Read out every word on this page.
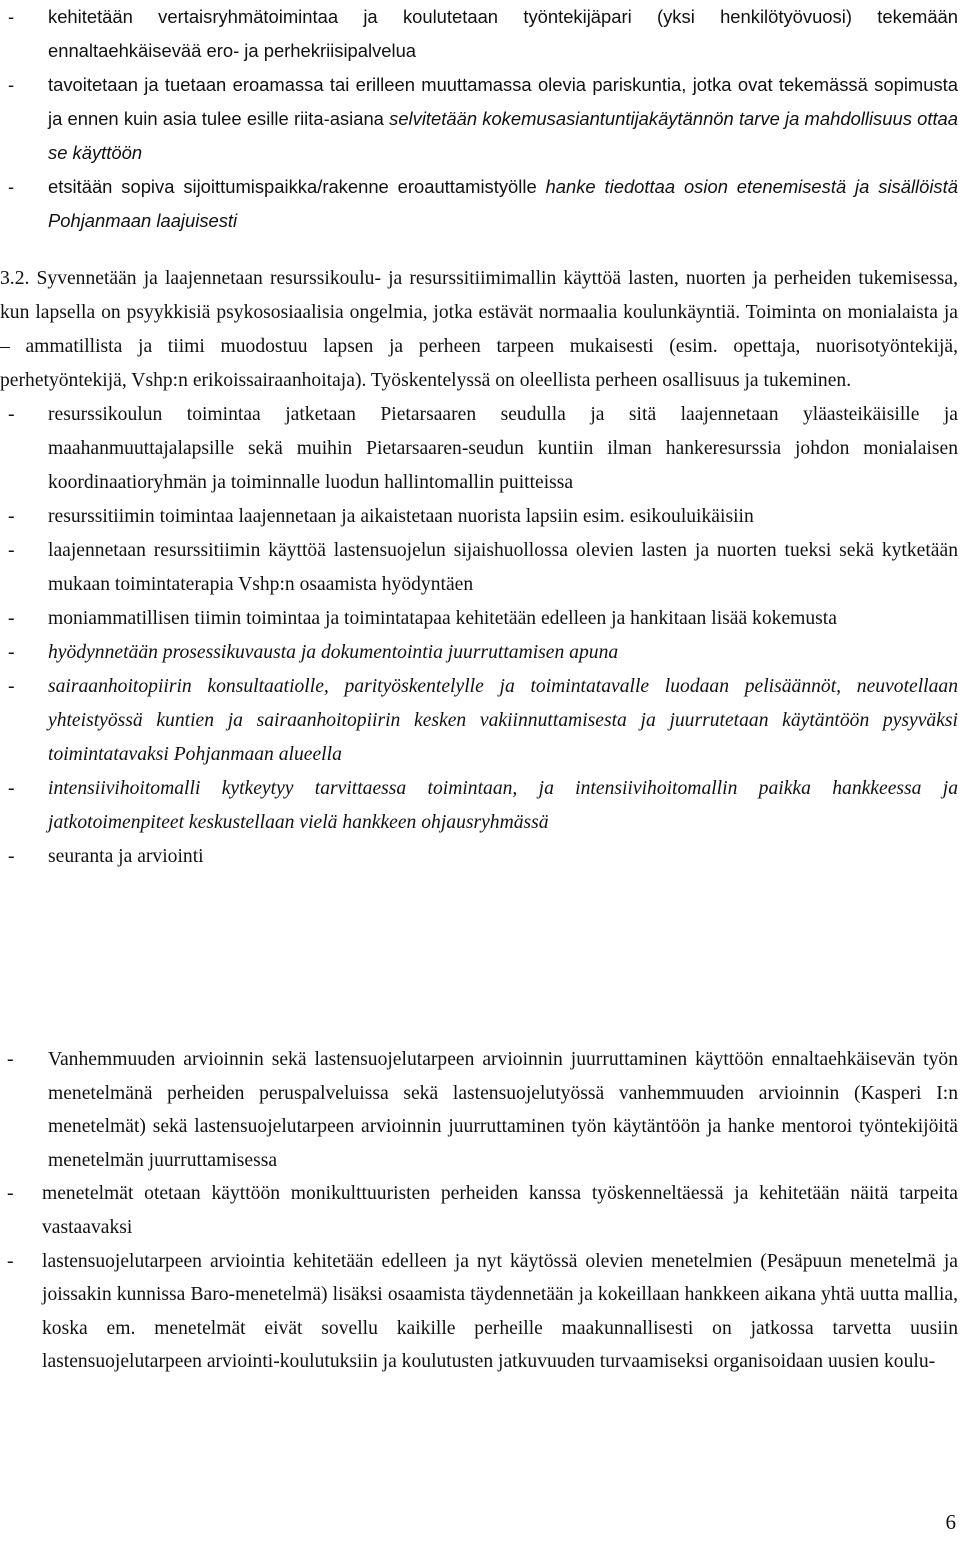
- kehitetään vertaisryhmätoimintaa ja koulutetaan työntekijäpari (yksi henkilötyövuosi) tekemään ennaltaehkäisevää ero- ja perhekriisipalvelua
- tavoitetaan ja tuetaan eroamassa tai erilleen muuttamassa olevia pariskuntia, jotka ovat tekemässä sopimusta ja ennen kuin asia tulee esille riita-asiana selvitetään kokemusasiantuntijakäytännön tarve ja mahdollisuus ottaa se käyttöön
- etsitään sopiva sijoittumispaikka/rakenne eroauttamistyölle hanke tiedottaa osion etenemisestä ja sisällöistä Pohjanmaan laajuisesti
3.2. Syvennetään ja laajennetaan resurssikoulu- ja resurssitiimimallin käyttöä lasten, nuorten ja perheiden tukemisessa, kun lapsella on psyykkisiä psykososiaalisia ongelmia, jotka estävät normaalia koulunkäyntiä. Toiminta on monialaista ja – ammatillista ja tiimi muodostuu lapsen ja perheen tarpeen mukaisesti (esim. opettaja, nuorisotyöntekijä, perhetyöntekijä, Vshp:n erikoissairaanhoitaja). Työskentelyssä on oleellista perheen osallisuus ja tukeminen.
- resurssikoulun toimintaa jatketaan Pietarsaaren seudulla ja sitä laajennetaan yläasteikäisille ja maahanmuuttajalapsille sekä muihin Pietarsaaren-seudun kuntiin ilman hankeresurssia johdon monialaisen koordinaatioryhmän ja toiminnalle luodun hallintomallin puitteissa
- resurssitiimin toimintaa laajennetaan ja aikaistetaan nuorista lapsiin esim. esikouluikäisiin
- laajennetaan resurssitiimin käyttöä lastensuojelun sijaishuollossa olevien lasten ja nuorten tueksi sekä kytketään mukaan toimintaterapia Vshp:n osaamista hyödyntäen
- moniammatillisen tiimin toimintaa ja toimintatapaa kehitetään edelleen ja hankitaan lisää kokemusta
- hyödynnetään prosessikuvausta ja dokumentointia juurruttamisen apuna
- sairaanhoitopiirin konsultaatiolle, parityöskentelylle ja toimintatavalle luodaan pelisäännöt, neuvotellaan yhteistyössä kuntien ja sairaanhoitopiirin kesken vakiinnuttamisesta ja juurrutetaan käytäntöön pysyväksi toimintatavaksi Pohjanmaan alueella
- intensiivihoitomalli kytkeytyy tarvittaessa toimintaan, ja intensiivihoitomallin paikka hankkeessa ja jatkotoimenpiteet keskustellaan vielä hankkeen ohjausryhmässä
- seuranta ja arviointi
- Vanhemmuuden arvioinnin sekä lastensuojelutarpeen arvioinnin juurruttaminen käyttöön ennaltaehkäisevän työn menetelmänä perheiden peruspalveluissa sekä lastensuojelutyössä vanhemmuuden arvioinnin (Kasperi I:n menetelmät) sekä lastensuojelutarpeen arvioinnin juurruttaminen työn käytäntöön ja hanke mentoroi työntekijöitä menetelmän juurruttamisessa
- menetelmät otetaan käyttöön monikulttuuristen perheiden kanssa työskenneltäessä ja kehitetään näitä tarpeita vastaavaksi
- lastensuojelutarpeen arviointia kehitetään edelleen ja nyt käytössä olevien menetelmien (Pesäpuun menetelmä ja joissakin kunnissa Baro-menetelmä) lisäksi osaamista täydennetään ja kokeillaan hankkeen aikana yhtä uutta mallia, koska em. menetelmät eivät sovellu kaikille perheille maakunnallisesti on jatkossa tarvetta uusiin lastensuojelutarpeen arviointi-koulutuksiin ja koulutusten jatkuvuuden turvaamiseksi organisoidaan uusien koulu-
6
